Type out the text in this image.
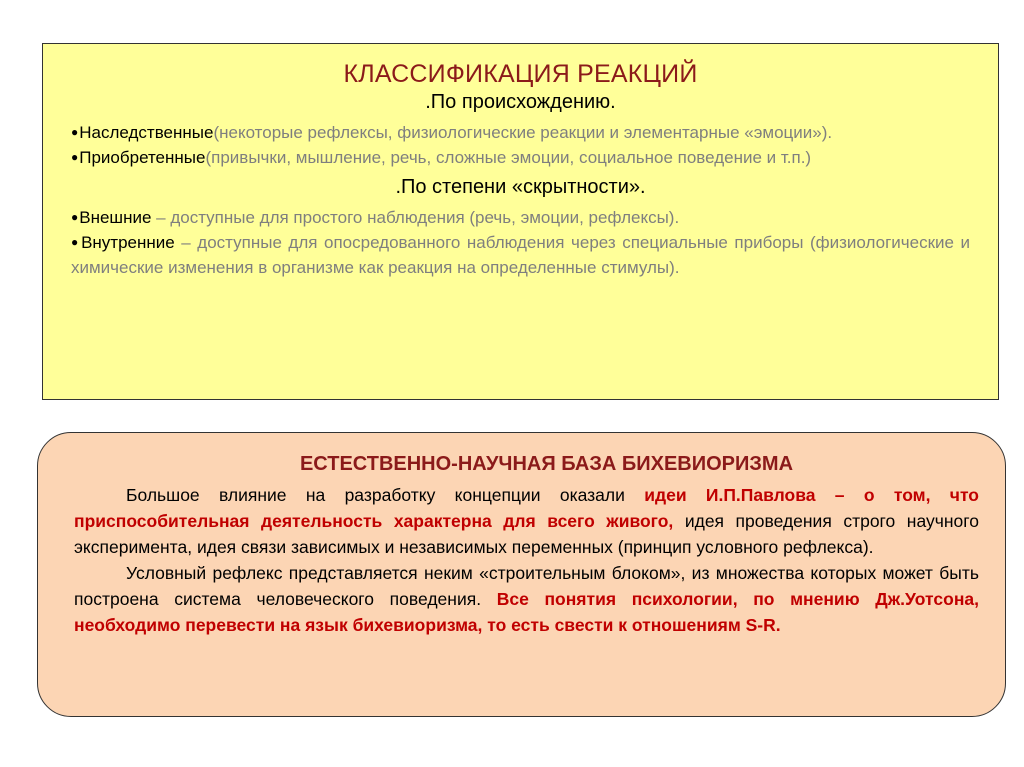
КЛАССИФИКАЦИЯ РЕАКЦИЙ
.По происхождению.

●Наследственные(некоторые рефлексы, физиологические реакции и элементарные «эмоции»).

●Приобретенные(привычки, мышление, речь, сложные эмоции, социальное поведение и т.п.)

.По степени «скрытности».

●Внешние – доступные для простого наблюдения (речь, эмоции, рефлексы).

●Внутренние – доступные для опосредованного наблюдения через специальные приборы (физиологические и химические изменения в организме как реакция на определенные стимулы).

ЕСТЕСТВЕННО-НАУЧНАЯ БАЗА БИХЕВИОРИЗМА

Большое влияние на разработку концепции оказали идеи И.П.Павлова – о том, что приспособительная деятельность характерна для всего живого, идея проведения строго научного эксперимента, идея связи зависимых и независимых переменных (принцип условного рефлекса).

Условный рефлекс представляется неким «строительным блоком», из множества которых может быть построена система человеческого поведения. Все понятия психологии, по мнению Дж.Уотсона, необходимо перевести на язык бихевиоризма, то есть свести к отношениям S-R.
